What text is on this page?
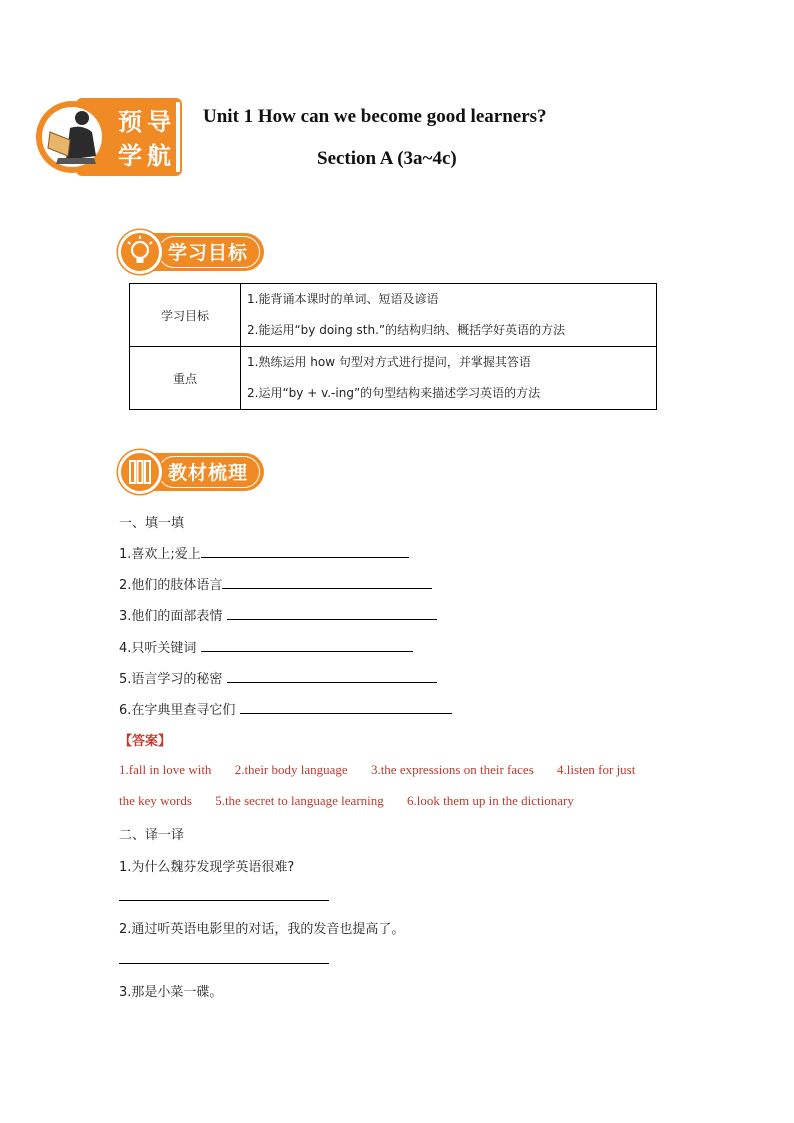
预 导
学 航
Unit 1 How can we become good learners?
Section A (3a~4c)
学习目标
学习目标	1.能背诵本课时的单词、短语及谚语
2.能运用“by doing sth.”的结构归纳、概括学好英语的方法

重点	1.熟练运用 how 句型对方式进行提问，并掌握其答语
2.运用“by + v.-ing”的句型结构来描述学习英语的方法
教材梳理
一、填一填
1.喜欢上;爱上
2.他们的肢体语言
3.他们的面部表情
4.只听关键词
5.语言学习的秘密
6.在字典里查寻它们
【答案】
1.fall in love with 2.their body language 3.the expressions on their faces 4.listen for just
the key words 5.the secret to language learning 6.look them up in the dictionary
二、译一译
1.为什么魏芬发现学英语很难?
2.通过听英语电影里的对话，我的发音也提高了。
3.那是小菜一碟。
